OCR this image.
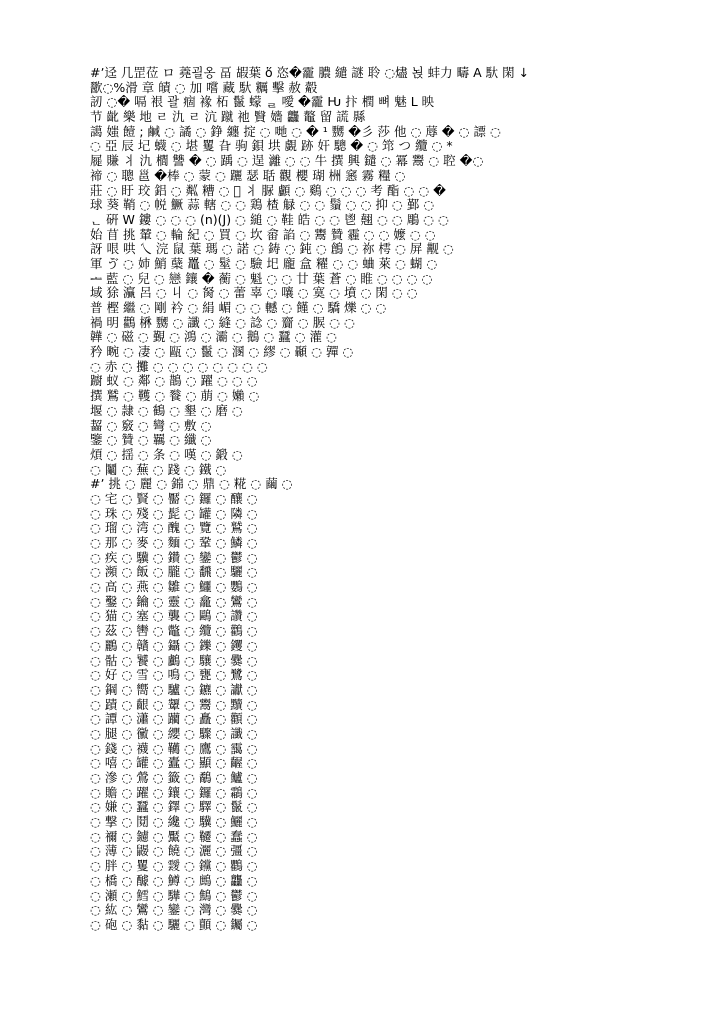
#ʼ迳 几罡莅 ロ 蕘괼옹 畐 嘏葉 ὅ 恣�靇 膿 繾 謎 聆 ◌燼 뇑 蚌力 疇 A 馱 閑 ↓
歠◌%滑 章 皟 ◌ 加 嚐 藏 馱 糲 擊 赦 觳
訒 ◌� 嗝 裉 괄 痼 褖 柘 鬣 蠓 ᆯ 噯 �靇 Ԋ 抃 橍 뼈 魅 L 映
节 齔 樂 地 ㄹ 氿 ㄹ 沆 蹴 祂 贀 嬙 龘 鼇 留 謊 縣
譪 媸 饐 ; 鹹 ◌ 譎 ◌ 錚 纏 掟 ◌ 哋 ◌ � ¹ 嬲 �彡 莎 他 ◌ 蓐 � ◌ 謤 ◌
◌ 亞 辰 圮 蠛 ◌ 堪 矍 旮 驹 鋇 垬 覷 跡 奸 驄 � ◌ 筇 つ 纜 ◌ *
屣 賺 丬 氿 櫚 讐 � ◌ 踽 ◌ 逞 灕 ◌ ◌ 牛 撰 興 鑓 ◌ 冪 鬻 ◌ 聜 �◌
禘 ◌ 聰 邕 �棒 ◌ 蒙 ◌ 躧 瑟 聒 觀 櫻 瑚 栦 窸 霧 糧 ◌
莊 ◌ 盱 珓 鋁 ◌ 粼 糟 ◌ ゚ 丬 脲 顱 ◌ 鷄 ◌ ◌ ◌ 考 酯 ◌ ◌ �
球 葵 鞘 ◌ 帨 鱖 蒜 轄 ◌ ◌ 鶏 楂 觮 ◌ ◌ 鬚 ◌ ◌ 抑 ◌ 鄞 ◌
ᆫ 硏 W 鏤 ◌ ◌ ◌ (n)(J) ◌ 縋 ◌ 鞋 皓 ◌ ◌ 鬯 翹 ◌ ◌ 鵰 ◌ ◌
始 苜 挑 輦 ◌ 輪 紀 ◌ 買 ◌ 坎 畲 諂 ◌ 鬻 贊 霾 ◌ ◌ 嬤 ◌ ◌
訝 哏 哄 乀 浣 鼠 葉 瑪 ◌ 諾 ◌ 鋳 ◌ 鈍 ◌ 鶬 ◌ 祢 樗 ◌ 屏 觏 ◌
軍 ゔ ◌ 姉 鮹 蘖 鼉 ◌ 髽 ◌ 驗 圯 龐 盒 䊮 ◌ ◌ 蛐 萊 ◌ 蝴 ◌
ᆂ 藍 ◌ 兒 ◌ 戀 鑲 � 蘅 ◌ 魁 ◌ ◌ 廿 葉 蒼 ◌ 睢 ◌ ◌ ◌ ◌
域 狳 灜 呂 ◌ 丩 ◌ 胬 ◌ 蕾 辜 ◌ 嚷 ◌ 寞 ◌ 墳 ◌ 閑 ◌ ◌
普 樫 繼 ◌ 剛 衿 ◌ 絹 嵋 ◌ ◌ 轗 ◌ 饉 ◌ 驕 爍 ◌ ◌
禍 明 鸛 楙 嬲 ◌ 讖 ◌ 縫 ◌ 諗 ◌ 齎 ◌ 䐅 ◌ ◌
韡 ◌ 磁 ◌ 覲 ◌ 鴻 ◌ 灞 ◌ 鵝 ◌ 蠶 ◌ 灌 ◌
矜 畹 ◌ 凄 ◌ 甌 ◌ 鬣 ◌ 溷 ◌ 繆 ◌ 顳 ◌ 嚲 ◌
◌ 赤 ◌ 攤 ◌ ◌ ◌ ◌ ◌ ◌ ◌ ◌
躕 蚁 ◌ 鄰 ◌ 鵲 ◌ 躍 ◌ ◌ ◌
撰 鷲 ◌ 韄 ◌ 餮 ◌ 萠 ◌ 嬾 ◌
堰 ◌ 隷 ◌ 鶴 ◌ 墾 ◌ 磨 ◌
齧 ◌ 竅 ◌ 彎 ◌ 敷 ◌
鑒 ◌ 贊 ◌ 羈 ◌ 纖 ◌
煩 ◌ 揺 ◌ 条 ◌ 嘆 ◌ 鍛 ◌
◌ 鬮 ◌ 蕪 ◌ 踐 ◌ 鐵 ◌
#ʼ 挑 ◌ 麗 ◌ 錦 ◌ 鼎 ◌ 糀 ◌ 繭 ◌
◌ 宅 ◌ 賢 ◌ 靨 ◌ 鑼 ◌ 釀 ◌
◌ 珠 ◌ 殘 ◌ 髭 ◌ 罐 ◌ 隣 ◌
◌ 瑠 ◌ 湾 ◌ 醜 ◌ 覽 ◌ 鷲 ◌
◌ 那 ◌ 麥 ◌ 麵 ◌ 鞏 ◌ 鱗 ◌
◌ 疾 ◌ 驥 ◌ 鑽 ◌ 鑾 ◌ 鬱 ◌
◌ 瀕 ◌ 飯 ◌ 朧 ◌ 飜 ◌ 驪 ◌
◌ 高 ◌ 燕 ◌ 雛 ◌ 鱷 ◌ 鸚 ◌
◌ 鑿 ◌ 鑰 ◌ 靈 ◌ 龕 ◌ 鸞 ◌
◌ 猫 ◌ 塞 ◌ 襲 ◌ 鷗 ◌ 讚 ◌
◌ 茲 ◌ 轡 ◌ 鼈 ◌ 纜 ◌ 鸛 ◌
◌ 鸝 ◌ 贛 ◌ 鑷 ◌ 鑠 ◌ 钁 ◌
◌ 骷 ◌ 饕 ◌ 鸕 ◌ 驤 ◌ 爨 ◌
◌ 好 ◌ 雪 ◌ 鳴 ◌ 甕 ◌ 鷺 ◌
◌ 鋼 ◌ 嚮 ◌ 驢 ◌ 鑣 ◌ 讞 ◌
◌ 蹟 ◌ 齦 ◌ 顰 ◌ 鬻 ◌ 黷 ◌
◌ 譚 ◌ 瀟 ◌ 躪 ◌ 矗 ◌ 顴 ◌
◌ 腿 ◌ 黴 ◌ 纓 ◌ 驟 ◌ 讖 ◌
◌ 錢 ◌ 襪 ◌ 韉 ◌ 鷹 ◌ 靄 ◌
◌ 嘻 ◌ 罐 ◌ 蠹 ◌ 顯 ◌ 齷 ◌
◌ 滲 ◌ 鶯 ◌ 籤 ◌ 鷸 ◌ 鱸 ◌
◌ 贍 ◌ 躍 ◌ 鑲 ◌ 鑼 ◌ 鸘 ◌
◌ 嫌 ◌ 蠶 ◌ 鐸 ◌ 驛 ◌ 鬣 ◌
◌ 撃 ◌ 鬩 ◌ 纔 ◌ 驥 ◌ 鱺 ◌
◌ 禰 ◌ 鑢 ◌ 黶 ◌ 韆 ◌ 蠢 ◌
◌ 薄 ◌ 鼹 ◌ 饒 ◌ 灑 ◌ 彊 ◌
◌ 胖 ◌ 矍 ◌ 靉 ◌ 钂 ◌ 鸜 ◌
◌ 橋 ◌ 醵 ◌ 鱒 ◌ 鷓 ◌ 龘 ◌
◌ 瀬 ◌ 鱈 ◌ 驊 ◌ 鷦 ◌ 鬱 ◌
◌ 紘 ◌ 鸞 ◌ 鑾 ◌ 灣 ◌ 爨 ◌
◌ 砲 ◌ 黏 ◌ 驪 ◌ 顫 ◌ 钃 ◌
